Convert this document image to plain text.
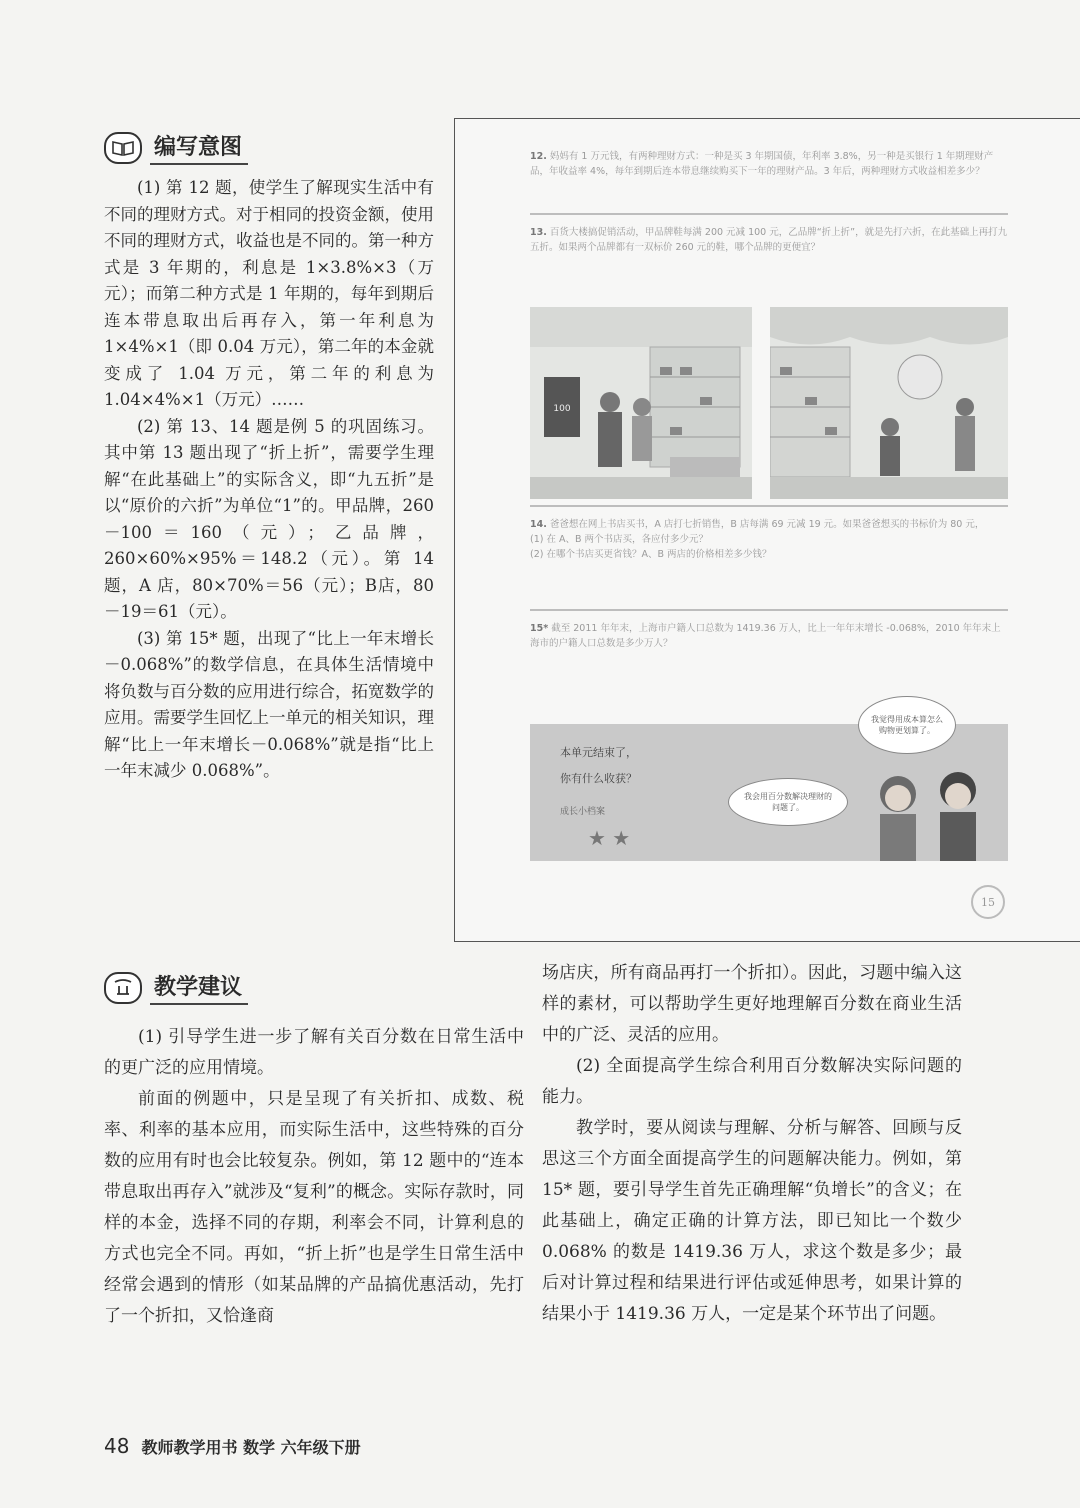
编写意图

(1) 第 12 题，使学生了解现实生活中有不同的理财方式。对于相同的投资金额，使用不同的理财方式，收益也是不同的。第一种方式是 3 年期的，利息是 1×3.8%×3（万元）；而第二种方式是 1 年期的，每年到期后连本带息取出后再存入，第一年利息为 1×4%×1（即 0.04 万元），第二年的本金就变成了 1.04 万元，第二年的利息为 1.04×4%×1（万元）……

(2) 第 13、14 题是例 5 的巩固练习。其中第 13 题出现了“折上折”，需要学生理解“在此基础上”的实际含义，即“九五折”是以“原价的六折”为单位“1”的。甲品牌，260－100＝160（元）；乙品牌，260×60%×95%＝148.2（元）。第 14 题，A 店，80×70%＝56（元）；B店，80－19＝61（元）。

(3) 第 15* 题，出现了“比上一年末增长－0.068%”的数学信息，在具体生活情境中将负数与百分数的应用进行综合，拓宽数学的应用。需要学生回忆上一单元的相关知识，理解“比上一年末增长－0.068%”就是指“比上一年末减少 0.068%”。

12. 妈妈有 1 万元钱，有两种理财方式：一种是买 3 年期国债，年利率 3.8%，另一种是买银行 1 年期理财产品，年收益率 4%，每年到期后连本带息继续购买下一年的理财产品。3 年后，两种理财方式收益相差多少？
13. 百货大楼搞促销活动，甲品牌鞋每满 200 元减 100 元，乙品牌“折上折”，就是先打六折，在此基础上再打九五折。如果两个品牌都有一双标价 260 元的鞋，哪个品牌的更便宜？
100
14. 爸爸想在网上书店买书，A 店打七折销售，B 店每满 69 元减 19 元。如果爸爸想买的书标价为 80 元，
(1) 在 A、B 两个书店买，各应付多少元？
(2) 在哪个书店买更省钱？A、B 两店的价格相差多少钱？
15* 截至 2011 年年末，上海市户籍人口总数为 1419.36 万人，比上一年年末增长 -0.068%，2010 年年末上海市的户籍人口总数是多少万人？
本单元结束了，
你有什么收获？
成长小档案
★ ★
我觉得用成本算怎么购物更划算了。
我会用百分数解决理财的问题了。
15
教学建议

(1) 引导学生进一步了解有关百分数在日常生活中的更广泛的应用情境。

前面的例题中，只是呈现了有关折扣、成数、税率、利率的基本应用，而实际生活中，这些特殊的百分数的应用有时也会比较复杂。例如，第 12 题中的“连本带息取出再存入”就涉及“复利”的概念。实际存款时，同样的本金，选择不同的存期，利率会不同，计算利息的方式也完全不同。再如，“折上折”也是学生日常生活中经常会遇到的情形（如某品牌的产品搞优惠活动，先打了一个折扣，又恰逢商

场店庆，所有商品再打一个折扣）。因此，习题中编入这样的素材，可以帮助学生更好地理解百分数在商业生活中的广泛、灵活的应用。

(2) 全面提高学生综合利用百分数解决实际问题的能力。

教学时，要从阅读与理解、分析与解答、回顾与反思这三个方面全面提高学生的问题解决能力。例如，第 15* 题，要引导学生首先正确理解“负增长”的含义；在此基础上，确定正确的计算方法，即已知比一个数少 0.068% 的数是 1419.36 万人，求这个数是多少；最后对计算过程和结果进行评估或延伸思考，如果计算的结果小于 1419.36 万人，一定是某个环节出了问题。

48 教师教学用书 数学 六年级下册
